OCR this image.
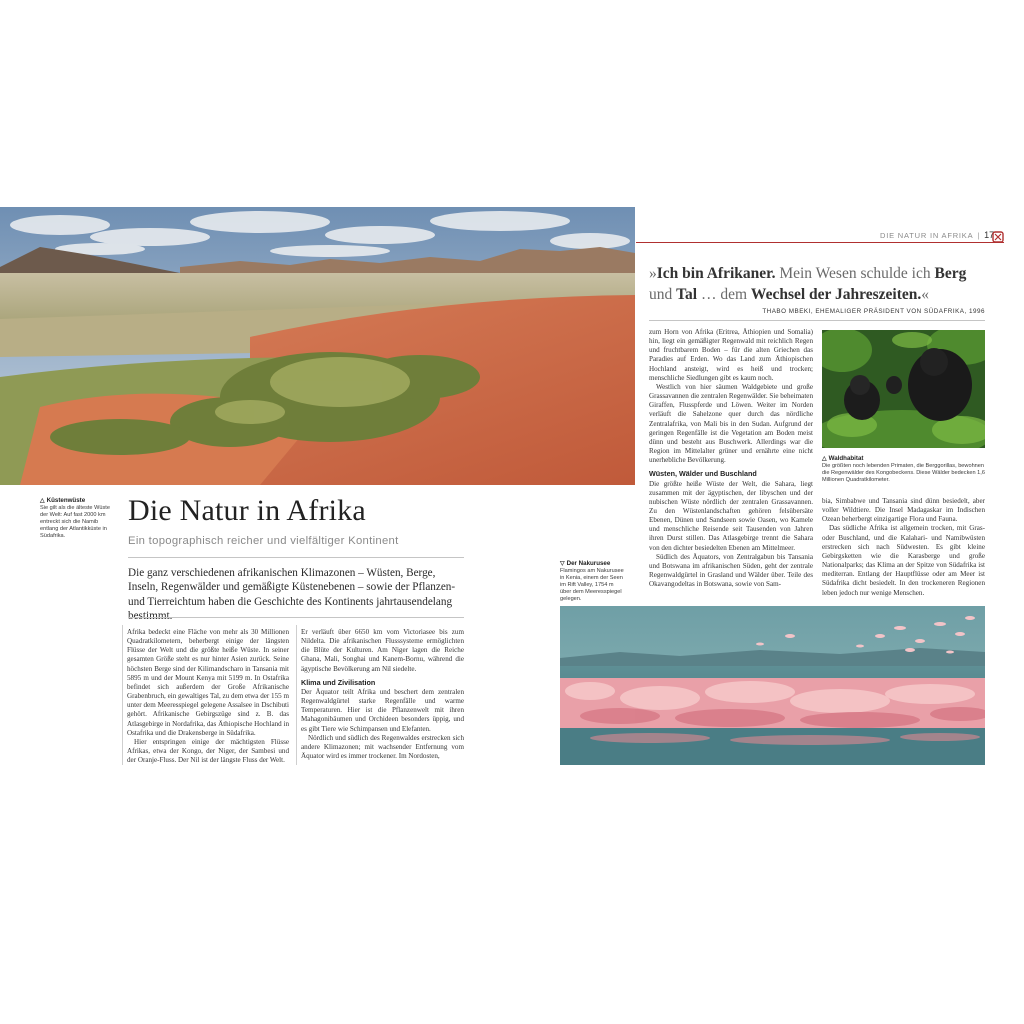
△ Küstenwüste
Sie gilt als die älteste Wüste der Welt: Auf fast 2000 km entreckt sich die Namib entlang der Atlantikküste in Südafrika.
Die Natur in Afrika
Ein topographisch reicher und vielfältiger Kontinent
Die ganz verschiedenen afrikanischen Klimazonen – Wüsten, Berge, Inseln, Regenwälder und gemäßigte Küstenebenen – sowie der Pflanzen- und Tierreichtum haben die Geschichte des Kontinents jahrtausendelang

Afrika bedeckt eine Fläche von mehr als 30 Millionen Quadratkilometern, beherbergt einige der längsten Flüsse der Welt und die größte heiße Wüste. In seiner gesamten Größe steht es nur hinter Asien zurück. Seine höchsten Berge sind der Kilimandscharo in Tansania mit 5895 m und der Mount Kenya mit 5199 m. In Ostafrika befindet sich außerdem der Große Afrikanische Grabenbruch, ein gewaltiges Tal, zu dem etwa der 155 m unter dem Meeresspiegel gelegene Assalsee in Dschibuti gehört. Afrikanische Gebirgszüge sind z. B. das Atlasgebirge in Nordafrika, das Äthiopische Hochland in Ostafrika und die Drakensberge in Südafrika.

Hier entspringen einige der mächtigsten Flüsse Afrikas, etwa der Kongo, der Niger, der Sambesi und der Oranje-Fluss. Der Nil ist der längste Fluss der Welt.

Er verläuft über 6650 km vom Victoriasee bis zum Nildelta. Die afrikanischen Flusssysteme ermöglichten die Blüte der Kulturen. Am Niger lagen die Reiche Ghana, Mali, Songhai und Kanem-Bornu, während die ägyptische Bevölkerung am Nil siedelte.

Klima und Zivilisation

Der Äquator teilt Afrika und beschert dem zentralen Regenwaldgürtel starke Regenfälle und warme Temperaturen. Hier ist die Pflanzenwelt mit ihren Mahagonibäumen und Orchideen besonders üppig, und es gibt Tiere wie Schimpansen und Elefanten.

Nördlich und südlich des Regenwaldes erstrecken sich andere Klimazonen; mit wachsender Entfernung vom Äquator wird es immer trockener. Im Nordosten,

DIE NATUR IN AFRIKA | 17
»Ich bin Afrikaner. Mein Wesen schulde ich Berg und Tal … dem Wechsel der Jahreszeiten.«
THABO MBEKI, EHEMALIGER PRÄSIDENT VON SÜDAFRIKA, 1996

zum Horn von Afrika (Eritrea, Äthiopien und Somalia) hin, liegt ein gemäßigter Regenwald mit reichlich Regen und fruchtbarem Boden – für die alten Griechen das Paradies auf Erden. Wo das Land zum Äthiopischen Hochland ansteigt, wird es heiß und trocken; menschliche Siedlungen gibt es kaum noch.

Westlich von hier säumen Waldgebiete und große Grassavannen die zentralen Regenwälder. Sie beheimaten Giraffen, Flusspferde und Löwen. Weiter im Norden verläuft die Sahelzone quer durch das nördliche Zentralafrika, von Mali bis in den Sudan. Aufgrund der geringen Regenfälle ist die Vegetation am Boden meist dünn und besteht aus Buschwerk. Allerdings war die Region im Mittelalter grüner und ernährte eine nicht unerhebliche Bevölkerung.

Wüsten, Wälder und Buschland

Die größte heiße Wüste der Welt, die Sahara, liegt zusammen mit der ägyptischen, der libyschen und der nubischen Wüste nördlich der zentralen Grassavannen. Zu den Wüstenlandschaften gehören felsübersäte Ebenen, Dünen und Sandseen sowie Oasen, wo Kamele und menschliche Reisende seit Tausenden von Jahren ihren Durst stillen. Das Atlasgebirge trennt die Sahara von den dichter besiedelten Ebenen am Mittelmeer.

Südlich des Äquators, von Zentralgabun bis Tansania und Botswana im afrikanischen Süden, geht der zentrale Regenwaldgürtel in Grasland und Wälder über. Teile des Okavangodeltas in Botswana, sowie von Sam-

△ Waldhabitat
Die größten noch lebenden Primaten, die Berggorillas, bewohnen die Regenwälder des Kongobeckens. Diese Wälder bedecken 1,6 Millionen Quadratkilometer.

bia, Simbabwe und Tansania sind dünn besiedelt, aber voller Wildtiere. Die Insel Madagaskar im Indischen Ozean beherbergt einzigartige Flora und Fauna.

Das südliche Afrika ist allgemein trocken, mit Gras- oder Buschland, und die Kalahari- und Namibwüsten erstrecken sich nach Südwesten. Es gibt kleine Gebirgsketten wie die Karasberge und große Nationalparks; das Klima an der Spitze von Südafrika ist mediterran. Entlang der Hauptflüsse oder am Meer ist Südafrika dicht besiedelt. In den trockeneren Regionen leben jedoch nur wenige Menschen.

▽ Der Nakurusee
Flamingos am Nakurusee in Kenia, einem der Seen im Rift Valley, 1754 m über dem Meeresspiegel gelegen.
